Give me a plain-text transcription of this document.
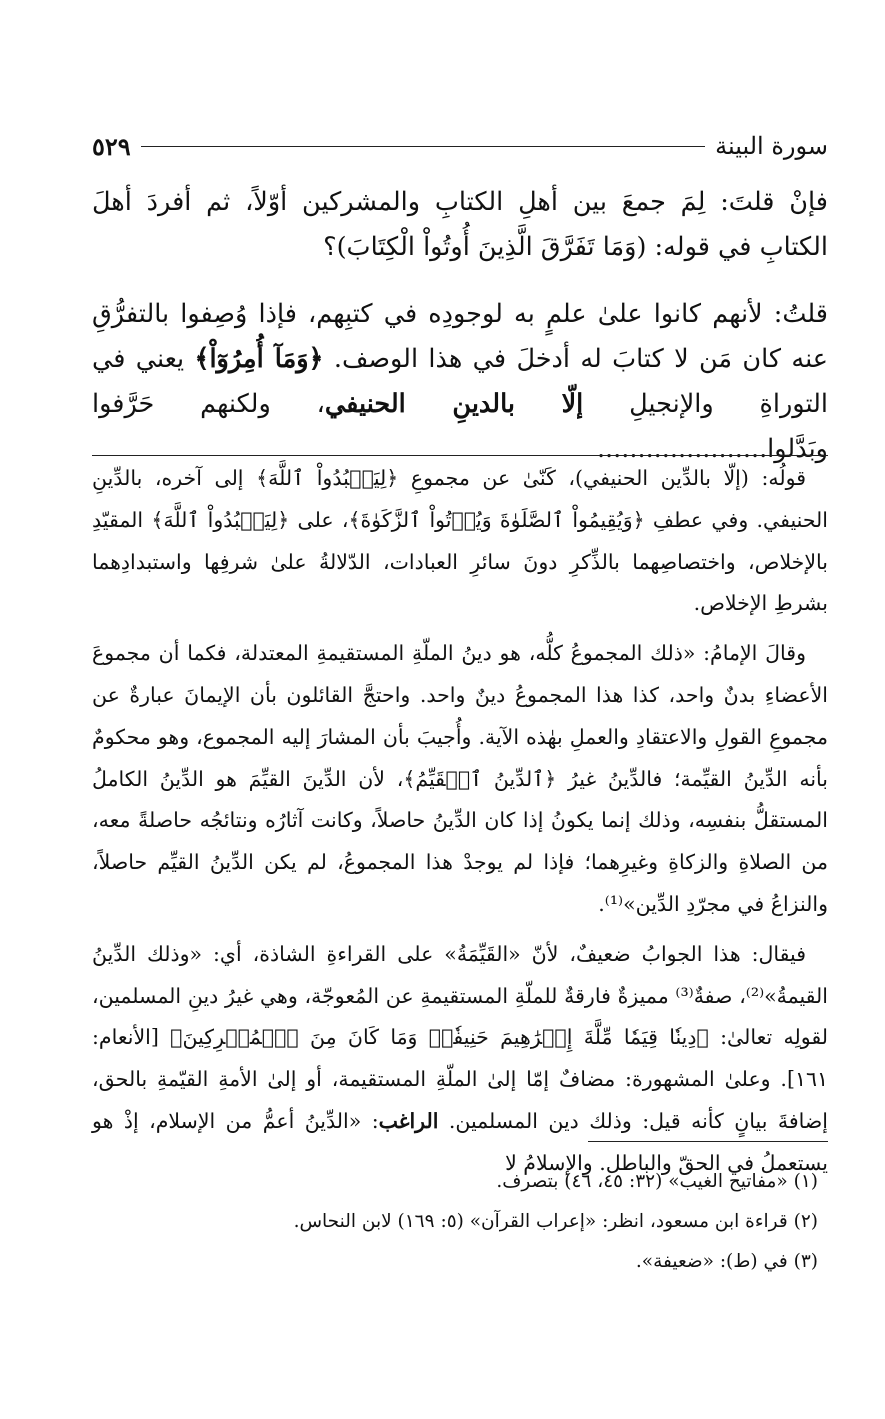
سورة البينة
٥٢٩

فإنْ قلتَ: لِمَ جمعَ بين أهلِ الكتابِ والمشركين أوّلاً، ثم أفردَ أهلَ الكتابِ في قوله: (وَمَا تَفَرَّقَ الَّذِينَ أُوتُواْ الْكِتَابَ)؟

قلتُ: لأنهم كانوا علىٰ علمٍ به لوجودِه في كتبِهم، فإذا وُصِفوا بالتفرُّقِ عنه كان مَن لا كتابَ له أدخلَ في هذا الوصف. ﴿وَمَآ أُمِرُوٓاْ﴾ يعني في التوراةِ والإنجيلِ إلّا بالدينِ الحنيفي، ولكنهم حَرَّفوا وبَدَّلوا.....................

قولُه: (إلّا بالدِّين الحنيفي)، كَنّىٰ عن مجموعِ ﴿لِيَعۡبُدُواْ ٱللَّهَ﴾ إلى آخره، بالدِّينِ الحنيفي. وفي عطفِ ﴿وَيُقِيمُواْ ٱلصَّلَوٰةَ وَيُؤۡتُواْ ٱلزَّكَوٰةَ﴾، على ﴿لِيَعۡبُدُواْ ٱللَّهَ﴾ المقيّدِ بالإخلاص، واختصاصِهما بالذِّكرِ دونَ سائرِ العبادات، الدّلالةُ علىٰ شرفِها واستبدادِهما بشرطِ الإخلاص.

وقالَ الإمامُ: «ذلك المجموعُ كلُّه، هو دينُ الملّةِ المستقيمةِ المعتدلة، فكما أن مجموعَ الأعضاءِ بدنٌ واحد، كذا هذا المجموعُ دينٌ واحد. واحتجَّ القائلون بأن الإيمانَ عبارةٌ عن مجموعِ القولِ والاعتقادِ والعملِ بهٰذه الآية. وأُجيبَ بأن المشارَ إليه المجموع، وهو محكومٌ بأنه الدِّينُ القيِّمة؛ فالدِّينُ غيرُ ﴿ٱلدِّينُ ٱلۡقَيِّمُ﴾، لأن الدِّينَ القيِّمَ هو الدِّينُ الكاملُ المستقلُّ بنفسِه، وذلك إنما يكونُ إذا كان الدِّينُ حاصلاً، وكانت آثارُه ونتائجُه حاصلةً معه، من الصلاةِ والزكاةِ وغيرِهما؛ فإذا لم يوجدْ هذا المجموعُ، لم يكن الدِّينُ القيِّم حاصلاً، والنزاعُ في مجرّدِ الدِّين»⁽¹⁾.

فيقال: هذا الجوابُ ضعيفٌ، لأنّ «القَيِّمَةُ» على القراءةِ الشاذة، أي: «وذلك الدِّينُ القيمةُ»⁽²⁾، صفةٌ⁽³⁾ مميزةٌ فارقةٌ للملّةِ المستقيمةِ عن المُعوجّة، وهي غيرُ دينِ المسلمين، لقولِه تعالىٰ: ﴿دِينٗا قِيَمٗا مِّلَّةَ إِبۡرَٰهِيمَ حَنِيفٗاۚ وَمَا كَانَ مِنَ ٱلۡمُشۡرِكِينَ﴾ [الأنعام: ١٦١]. وعلىٰ المشهورة: مضافٌ إمّا إلىٰ الملّةِ المستقيمة، أو إلىٰ الأمةِ القيّمةِ بالحق، إضافةَ بيانٍ كأنه قيل: وذلك دين المسلمين. الراغب: «الدِّينُ أعمُّ من الإسلام، إذْ هو يستعملُ في الحقّ والباطل. والإسلامُ لا

(١) «مفاتيح الغيب» (٣٢: ٤٥، ٤٦) بتصرف.
(٢) قراءة ابن مسعود، انظر: «إعراب القرآن» (٥: ١٦٩) لابن النحاس.
(٣) في (ط): «ضعيفة».
